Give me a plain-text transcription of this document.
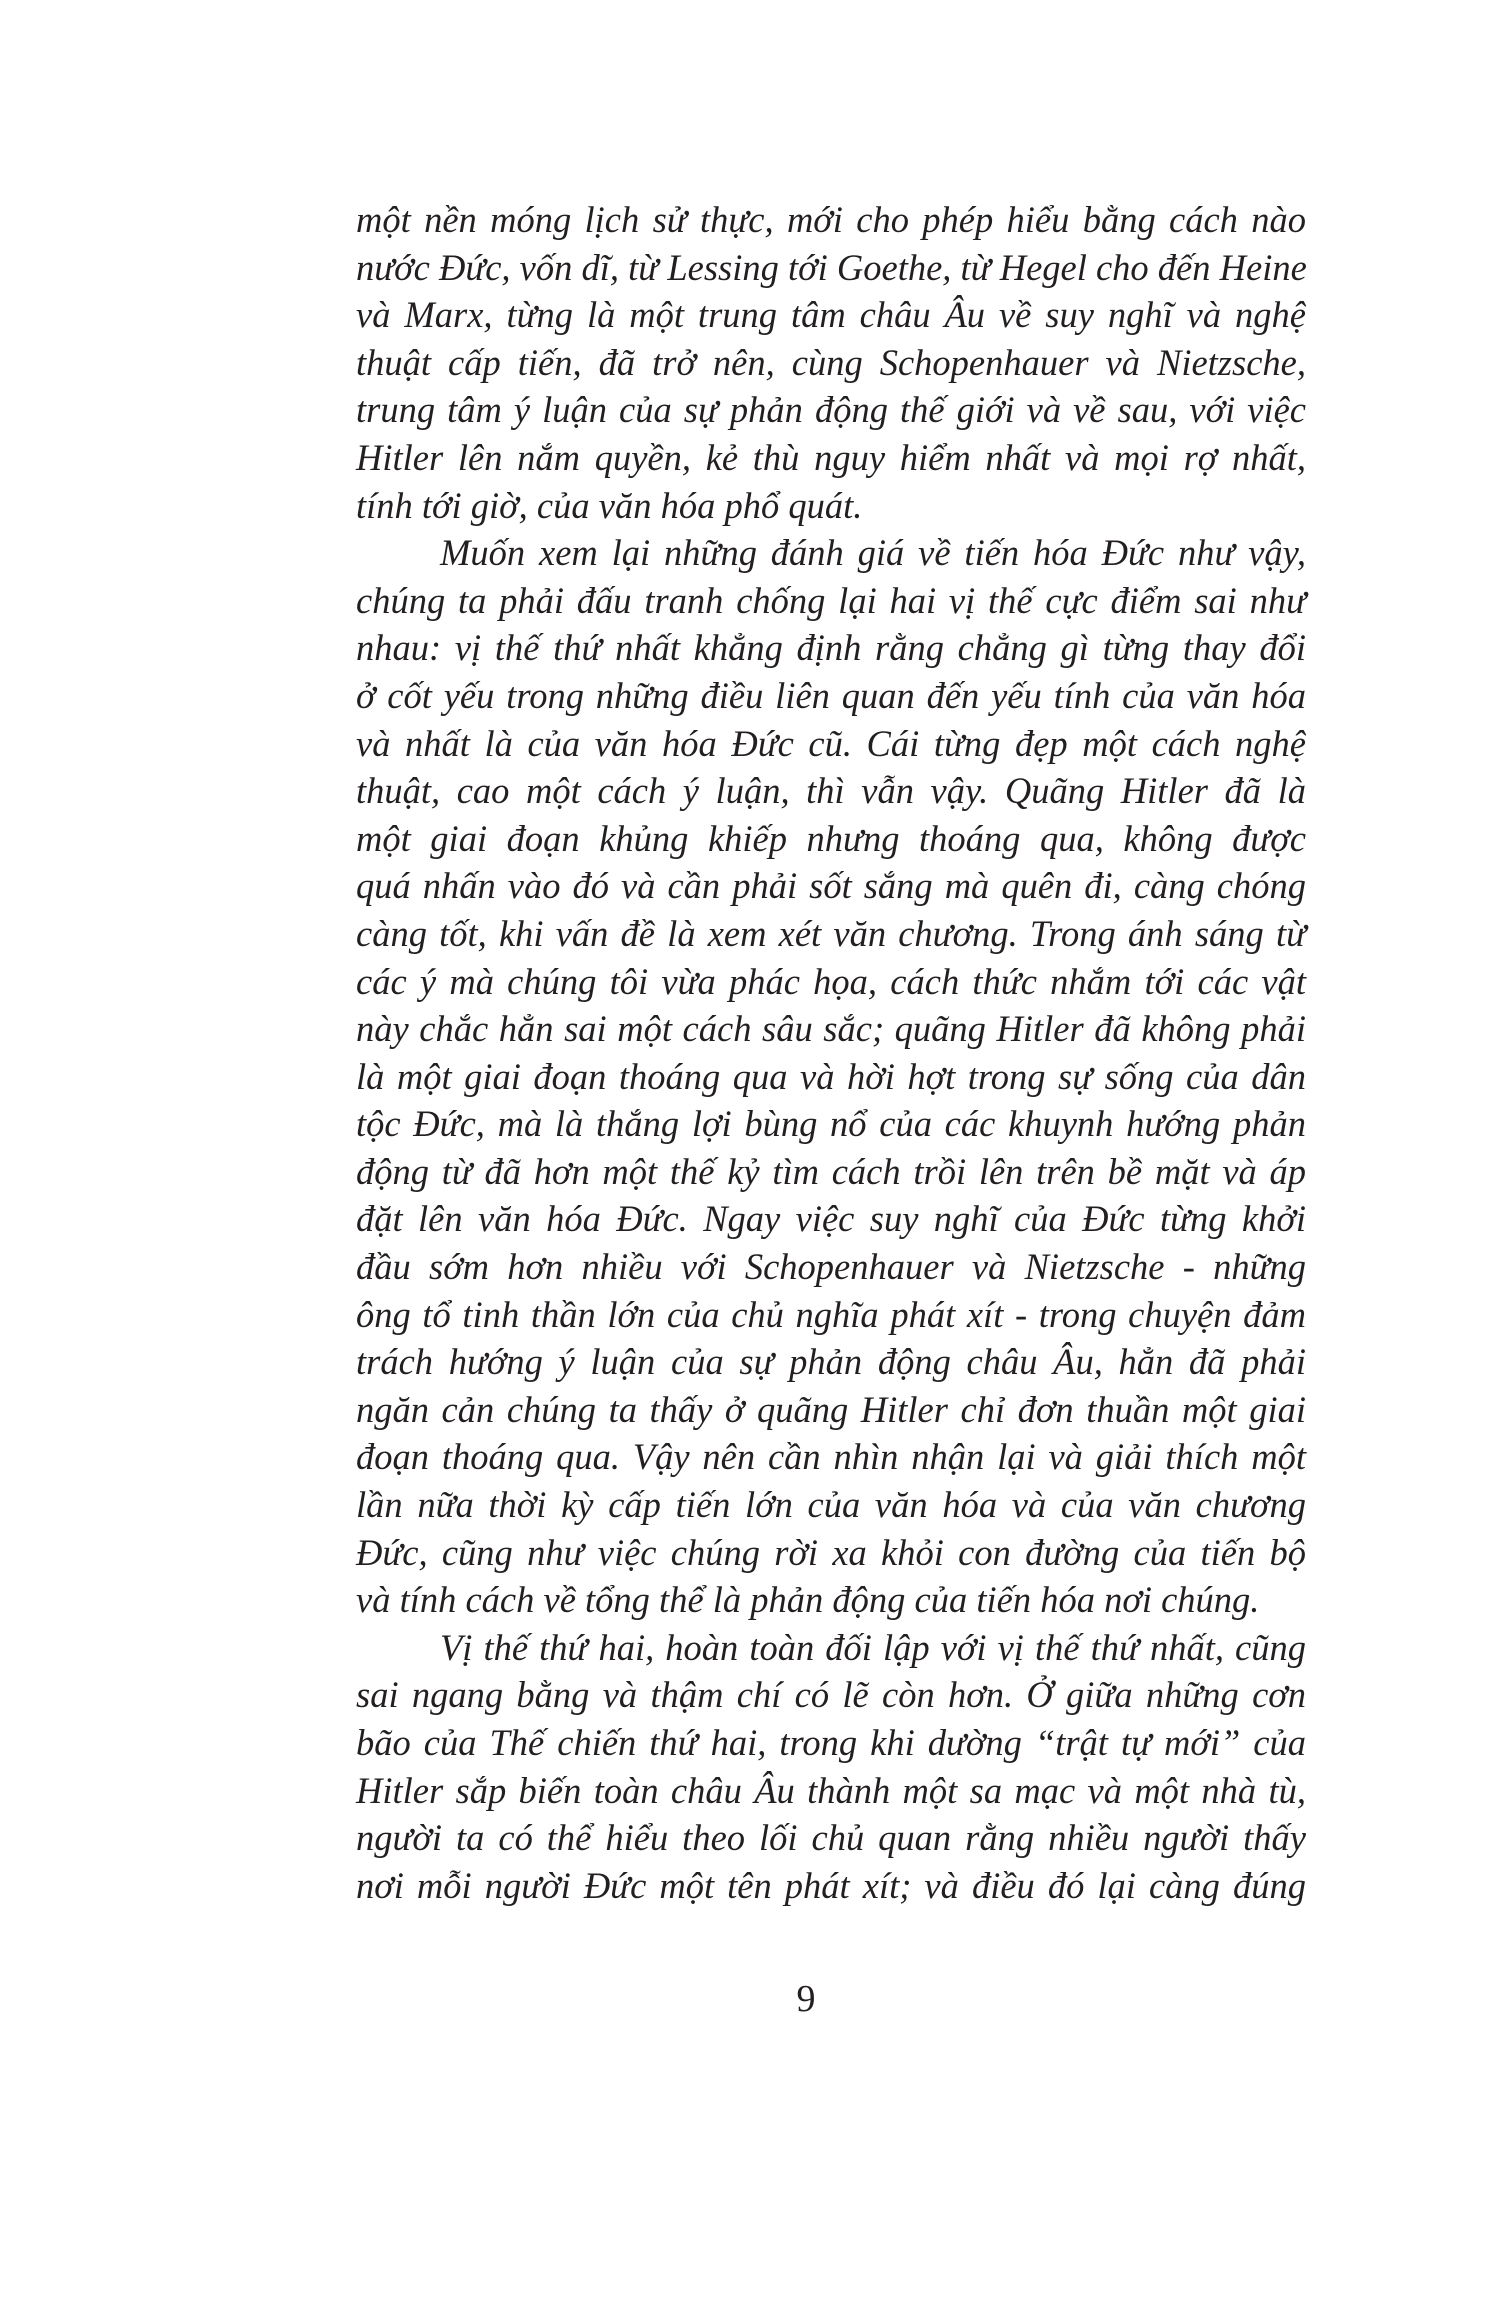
một nền móng lịch sử thực, mới cho phép hiểu bằng cách nào
nước Đức, vốn dĩ, từ Lessing tới Goethe, từ Hegel cho đến Heine
và Marx, từng là một trung tâm châu Âu về suy nghĩ và nghệ
thuật cấp tiến, đã trở nên, cùng Schopenhauer và Nietzsche,
trung tâm ý luận của sự phản động thế giới và về sau, với việc
Hitler lên nắm quyền, kẻ thù nguy hiểm nhất và mọi rợ nhất,
tính tới giờ, của văn hóa phổ quát.
Muốn xem lại những đánh giá về tiến hóa Đức như vậy,
chúng ta phải đấu tranh chống lại hai vị thế cực điểm sai như
nhau: vị thế thứ nhất khẳng định rằng chẳng gì từng thay đổi
ở cốt yếu trong những điều liên quan đến yếu tính của văn hóa
và nhất là của văn hóa Đức cũ. Cái từng đẹp một cách nghệ
thuật, cao một cách ý luận, thì vẫn vậy. Quãng Hitler đã là
một giai đoạn khủng khiếp nhưng thoáng qua, không được
quá nhấn vào đó và cần phải sốt sắng mà quên đi, càng chóng
càng tốt, khi vấn đề là xem xét văn chương. Trong ánh sáng từ
các ý mà chúng tôi vừa phác họa, cách thức nhắm tới các vật
này chắc hẳn sai một cách sâu sắc; quãng Hitler đã không phải
là một giai đoạn thoáng qua và hời hợt trong sự sống của dân
tộc Đức, mà là thắng lợi bùng nổ của các khuynh hướng phản
động từ đã hơn một thế kỷ tìm cách trồi lên trên bề mặt và áp
đặt lên văn hóa Đức. Ngay việc suy nghĩ của Đức từng khởi
đầu sớm hơn nhiều với Schopenhauer và Nietzsche - những
ông tổ tinh thần lớn của chủ nghĩa phát xít - trong chuyện đảm
trách hướng ý luận của sự phản động châu Âu, hẳn đã phải
ngăn cản chúng ta thấy ở quãng Hitler chỉ đơn thuần một giai
đoạn thoáng qua. Vậy nên cần nhìn nhận lại và giải thích một
lần nữa thời kỳ cấp tiến lớn của văn hóa và của văn chương
Đức, cũng như việc chúng rời xa khỏi con đường của tiến bộ
và tính cách về tổng thể là phản động của tiến hóa nơi chúng.
Vị thế thứ hai, hoàn toàn đối lập với vị thế thứ nhất, cũng
sai ngang bằng và thậm chí có lẽ còn hơn. Ở giữa những cơn
bão của Thế chiến thứ hai, trong khi dường “trật tự mới” của
Hitler sắp biến toàn châu Âu thành một sa mạc và một nhà tù,
người ta có thể hiểu theo lối chủ quan rằng nhiều người thấy
nơi mỗi người Đức một tên phát xít; và điều đó lại càng đúng
9
